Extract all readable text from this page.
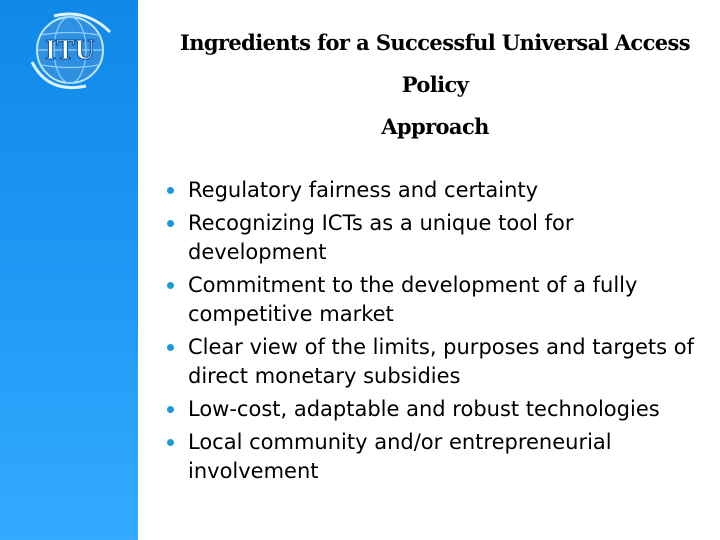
ITU	Ingredients for a Successful Universal Access Policy
Approach
Regulatory fairness and certainty
Recognizing ICTs as a unique tool for development
Commitment to the development of a fully competitive market
Clear view of the limits, purposes and targets of direct monetary subsidies
Low-cost, adaptable and robust technologies
Local community and/or entrepreneurial involvement
